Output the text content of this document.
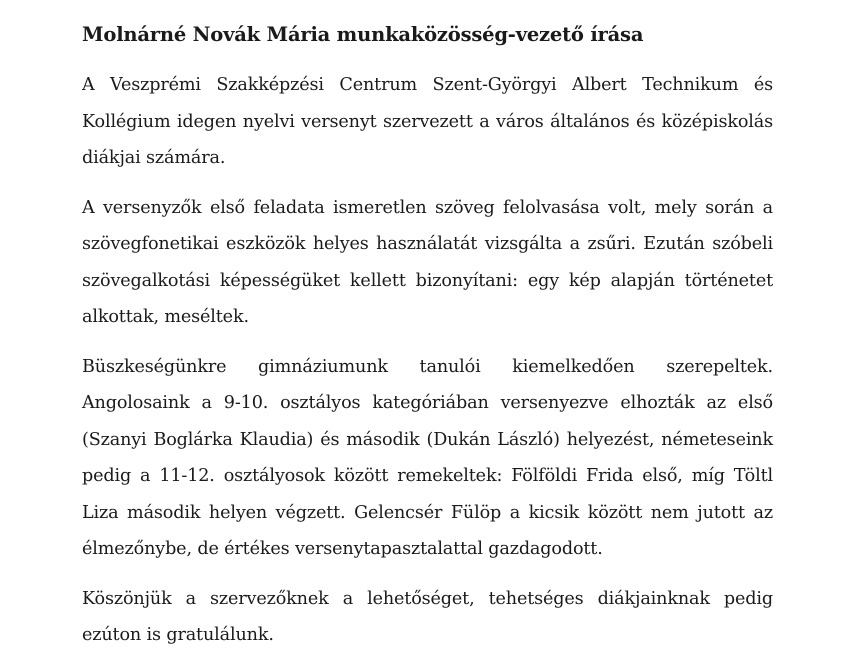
Molnárné Novák Mária munkaközösség-vezető írása

A Veszprémi Szakképzési Centrum Szent-Györgyi Albert Technikum és Kollégium idegen nyelvi versenyt szervezett a város általános és középiskolás diákjai számára.

A versenyzők első feladata ismeretlen szöveg felolvasása volt, mely során a szövegfonetikai eszközök helyes használatát vizsgálta a zsűri. Ezután szóbeli szövegalkotási képességüket kellett bizonyítani: egy kép alapján történetet alkottak, meséltek.

Büszkeségünkre gimnáziumunk tanulói kiemelkedően szerepeltek. Angolosaink a 9-10. osztályos kategóriában versenyezve elhozták az első (Szanyi Boglárka Klaudia) és második (Dukán László) helyezést, németeseink pedig a 11-12. osztályosok között remekeltek: Fölföldi Frida első, míg Töltl Liza második helyen végzett. Gelencsér Fülöp a kicsik között nem jutott az élmezőnybe, de értékes versenytapasztalattal gazdagodott.

Köszönjük a szervezőknek a lehetőséget, tehetséges diákjainknak pedig ezúton is gratulálunk.
